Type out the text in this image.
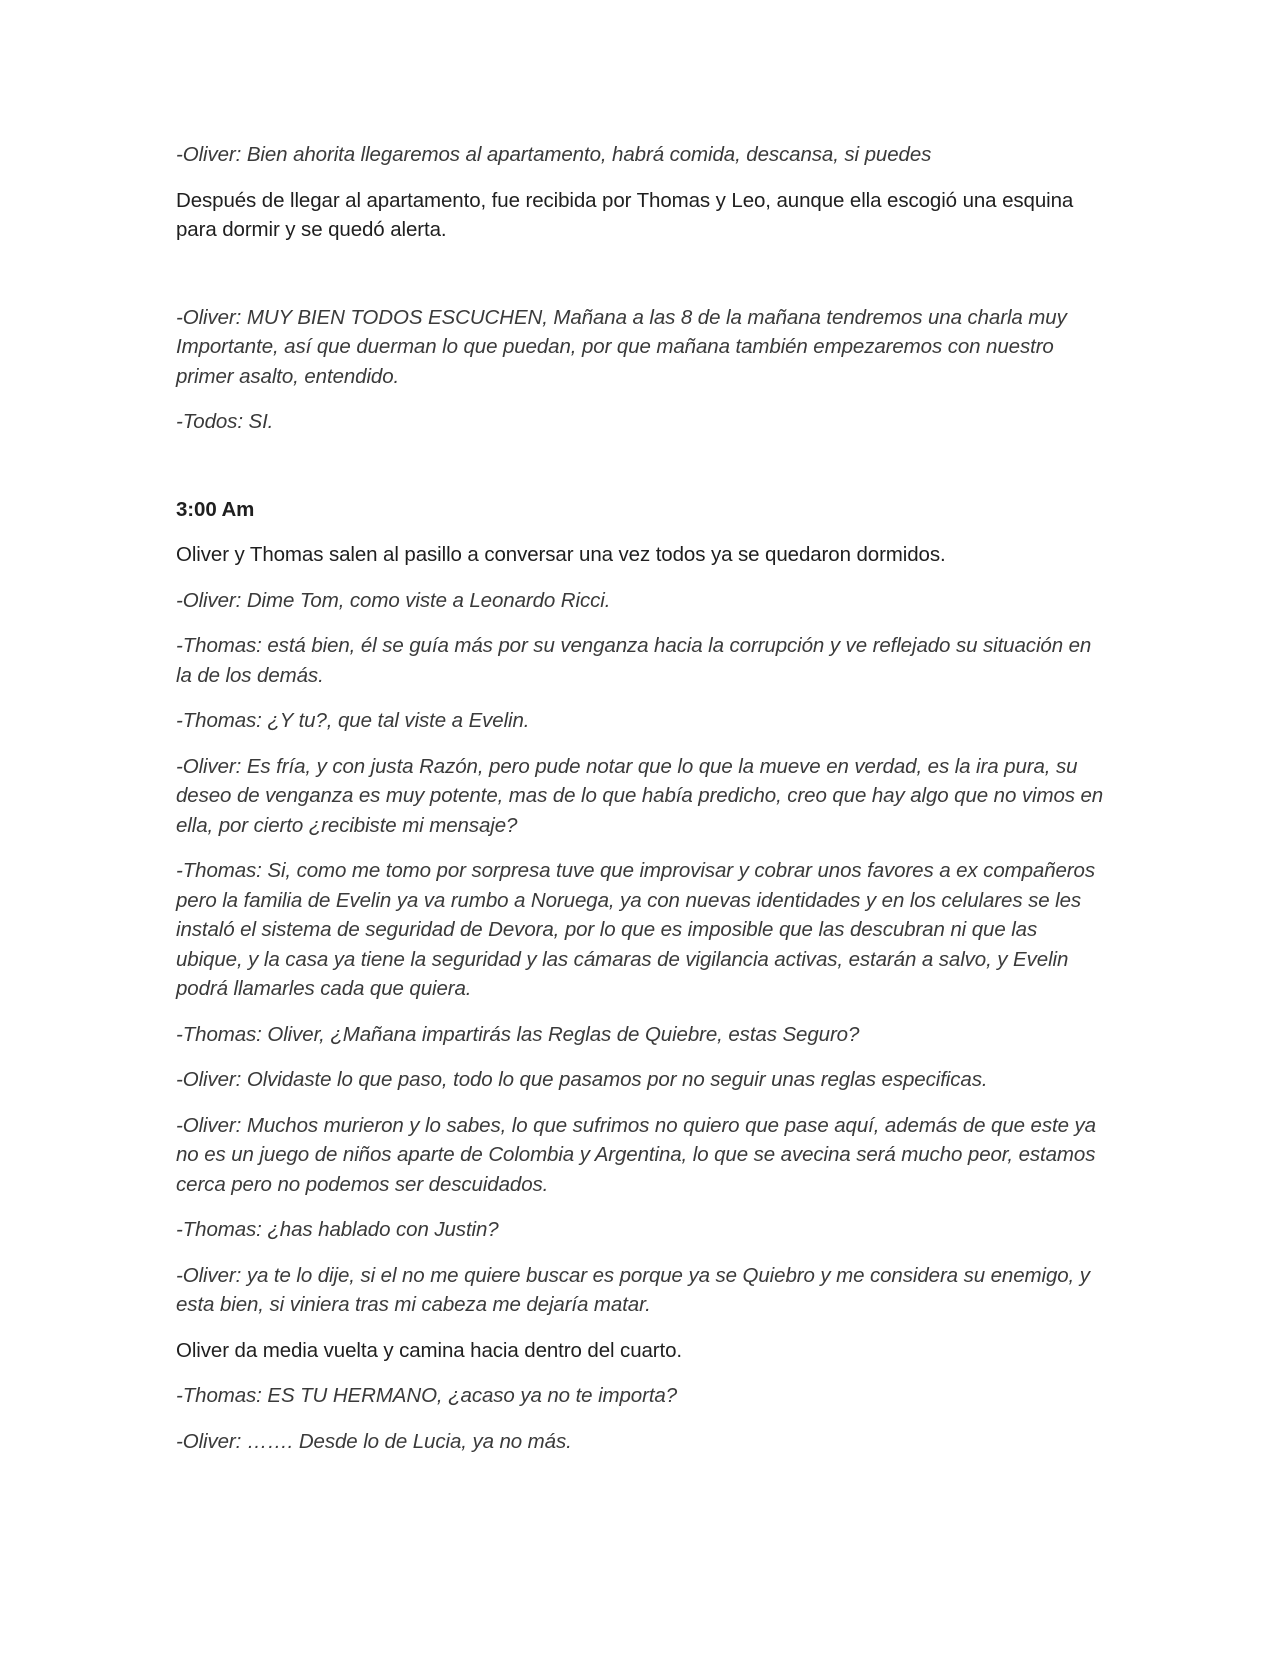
-Oliver: Bien ahorita llegaremos al apartamento, habrá comida, descansa, si puedes

Después de llegar al apartamento, fue recibida por Thomas y Leo, aunque ella escogió una esquina para dormir y se quedó alerta.

-Oliver: MUY BIEN TODOS ESCUCHEN, Mañana a las 8 de la mañana tendremos una charla muy Importante, así que duerman lo que puedan, por que mañana también empezaremos con nuestro primer asalto, entendido.

-Todos: SI.

3:00 Am

Oliver y Thomas salen al pasillo a conversar una vez todos ya se quedaron dormidos.

-Oliver: Dime Tom, como viste a Leonardo Ricci.

-Thomas: está bien, él se guía más por su venganza hacia la corrupción y ve reflejado su situación en la de los demás.

-Thomas: ¿Y tu?, que tal viste a Evelin.

-Oliver: Es fría, y con justa Razón, pero pude notar que lo que la mueve en verdad, es la ira pura, su deseo de venganza es muy potente, mas de lo que había predicho, creo que hay algo que no vimos en ella, por cierto ¿recibiste mi mensaje?

-Thomas: Si, como me tomo por sorpresa tuve que improvisar y cobrar unos favores a ex compañeros pero la familia de Evelin ya va rumbo a Noruega, ya con nuevas identidades y en los celulares se les instaló el sistema de seguridad de Devora, por lo que es imposible que las descubran ni que las ubique, y la casa ya tiene la seguridad y las cámaras de vigilancia activas, estarán a salvo, y Evelin podrá llamarles cada que quiera.

-Thomas: Oliver, ¿Mañana impartirás las Reglas de Quiebre, estas Seguro?

-Oliver: Olvidaste lo que paso, todo lo que pasamos por no seguir unas reglas especificas.

-Oliver: Muchos murieron y lo sabes, lo que sufrimos no quiero que pase aquí, además de que este ya no es un juego de niños aparte de Colombia y Argentina, lo que se avecina será mucho peor, estamos cerca pero no podemos ser descuidados.

-Thomas: ¿has hablado con Justin?

-Oliver: ya te lo dije, si el no me quiere buscar es porque ya se Quiebro y me considera su enemigo, y esta bien, si viniera tras mi cabeza me dejaría matar.

Oliver da media vuelta y camina hacia dentro del cuarto.

-Thomas: ES TU HERMANO, ¿acaso ya no te importa?

-Oliver: ……. Desde lo de Lucia, ya no más.
